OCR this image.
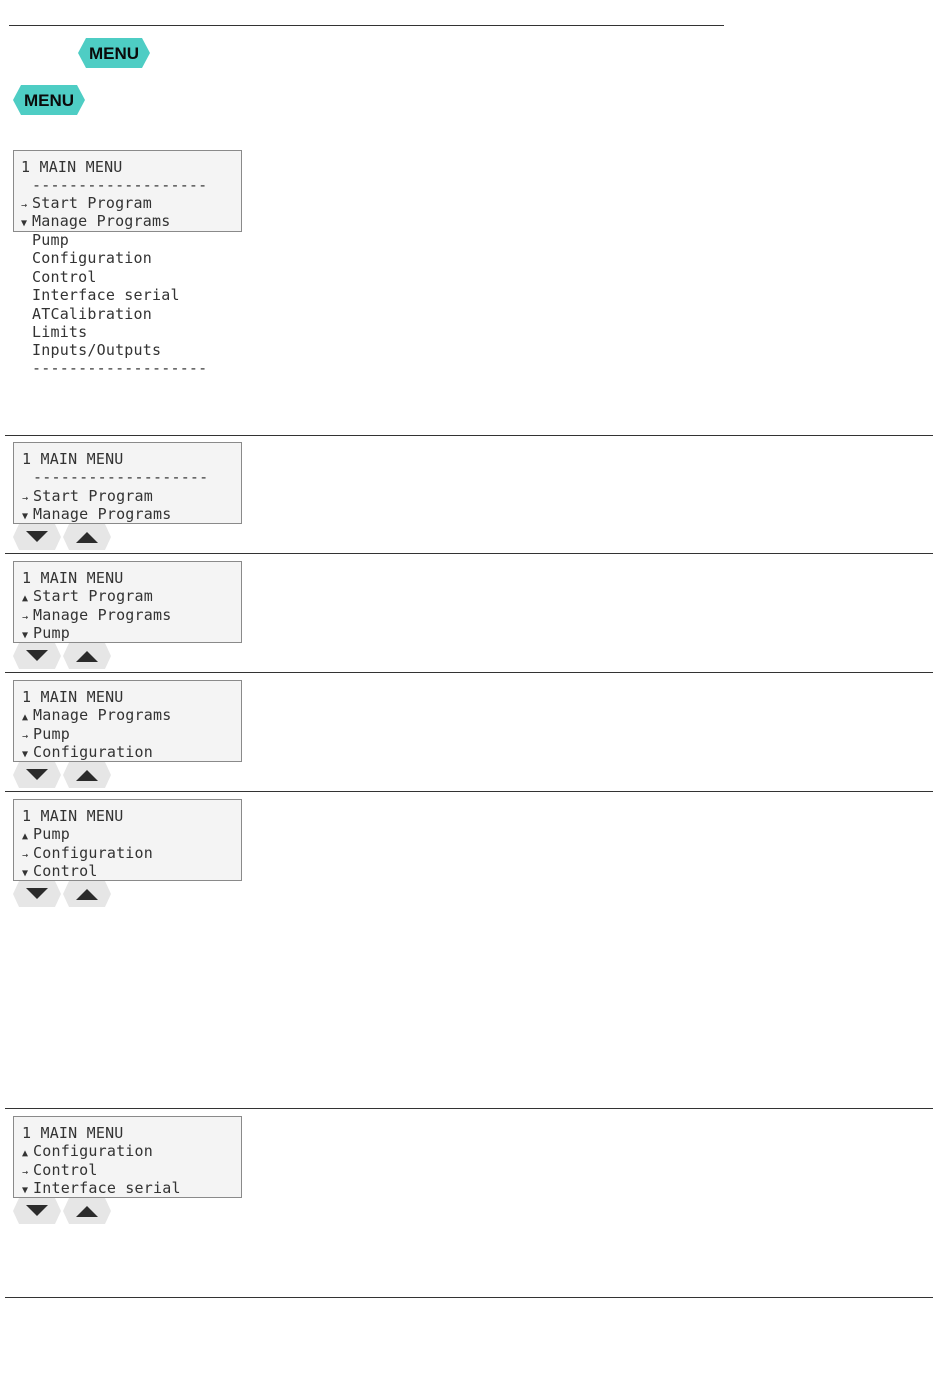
MENU
MENU
1 MAIN MENU
-------------------
→ Start Program
▼ Manage Programs
Pump
Configuration
Control
Interface serial
ATCalibration
Limits
Inputs/Outputs
-------------------
1 MAIN MENU
-------------------
→ Start Program
▼ Manage Programs
1 MAIN MENU
▲ Start Program
→ Manage Programs
▼ Pump
1 MAIN MENU
▲ Manage Programs
→ Pump
▼ Configuration
1 MAIN MENU
▲ Pump
→ Configuration
▼ Control
1 MAIN MENU
▲ Configuration
→ Control
▼ Interface serial
